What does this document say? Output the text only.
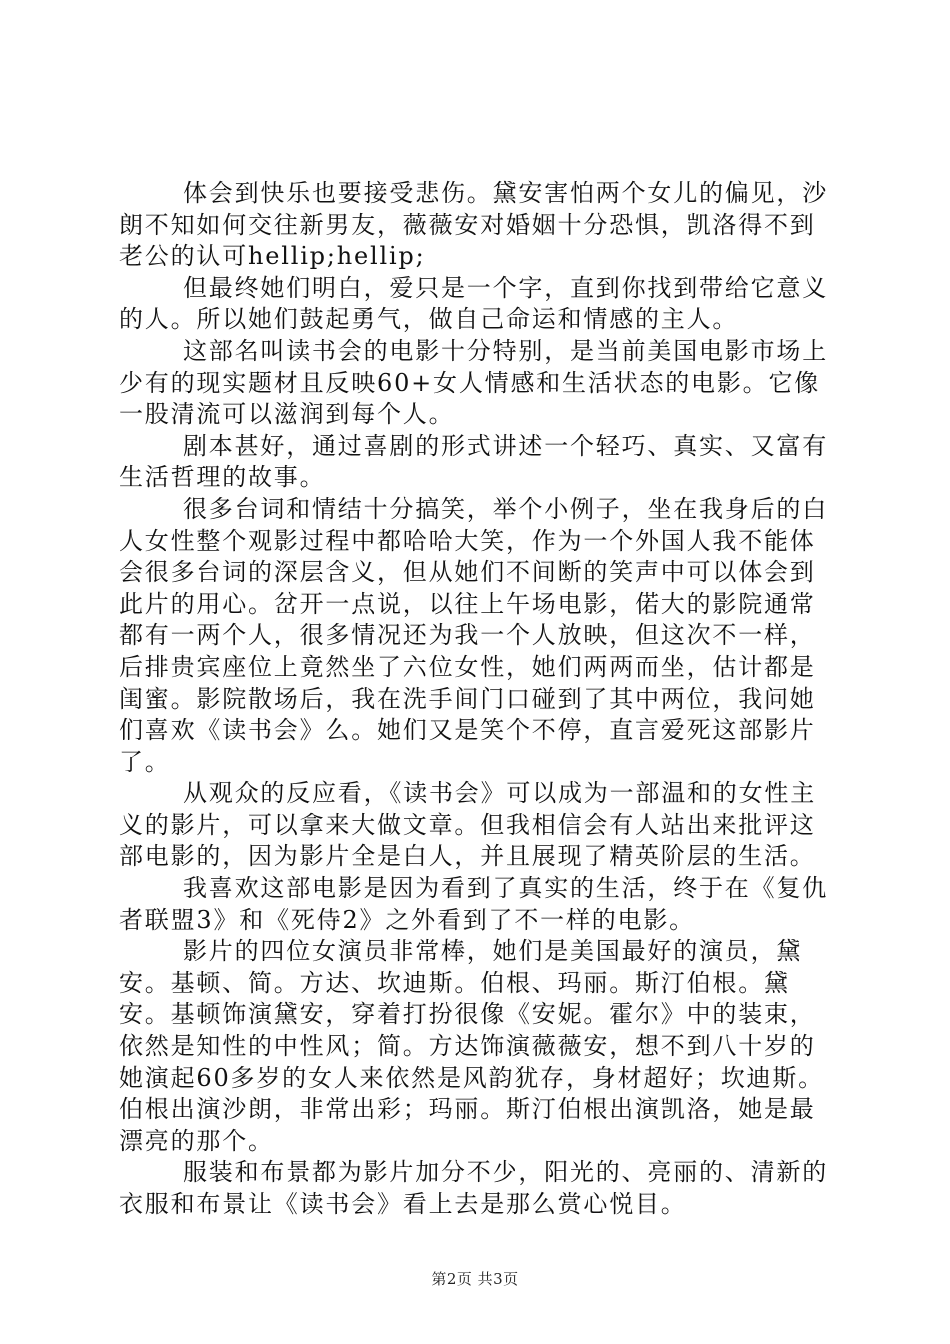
体会到快乐也要接受悲伤。黛安害怕两个女儿的偏见，沙朗不知如何交往新男友，薇薇安对婚姻十分恐惧，凯洛得不到老公的认可hellip;hellip;

但最终她们明白，爱只是一个字，直到你找到带给它意义的人。所以她们鼓起勇气，做自己命运和情感的主人。

这部名叫读书会的电影十分特别，是当前美国电影市场上少有的现实题材且反映60+女人情感和生活状态的电影。它像一股清流可以滋润到每个人。

剧本甚好，通过喜剧的形式讲述一个轻巧、真实、又富有生活哲理的故事。

很多台词和情结十分搞笑，举个小例子，坐在我身后的白人女性整个观影过程中都哈哈大笑，作为一个外国人我不能体会很多台词的深层含义，但从她们不间断的笑声中可以体会到此片的用心。岔开一点说，以往上午场电影，偌大的影院通常都有一两个人，很多情况还为我一个人放映，但这次不一样，后排贵宾座位上竟然坐了六位女性，她们两两而坐，估计都是闺蜜。影院散场后，我在洗手间门口碰到了其中两位，我问她们喜欢《读书会》么。她们又是笑个不停，直言爱死这部影片了。

从观众的反应看，《读书会》可以成为一部温和的女性主义的影片，可以拿来大做文章。但我相信会有人站出来批评这部电影的，因为影片全是白人，并且展现了精英阶层的生活。

我喜欢这部电影是因为看到了真实的生活，终于在《复仇者联盟3》和《死侍2》之外看到了不一样的电影。

影片的四位女演员非常棒，她们是美国最好的演员，黛安。基顿、简。方达、坎迪斯。伯根、玛丽。斯汀伯根。黛安。基顿饰演黛安，穿着打扮很像《安妮。霍尔》中的装束，依然是知性的中性风；简。方达饰演薇薇安，想不到八十岁的她演起60多岁的女人来依然是风韵犹存，身材超好；坎迪斯。伯根出演沙朗，非常出彩；玛丽。斯汀伯根出演凯洛，她是最漂亮的那个。

服装和布景都为影片加分不少，阳光的、亮丽的、清新的衣服和布景让《读书会》看上去是那么赏心悦目。

第2页 共3页
